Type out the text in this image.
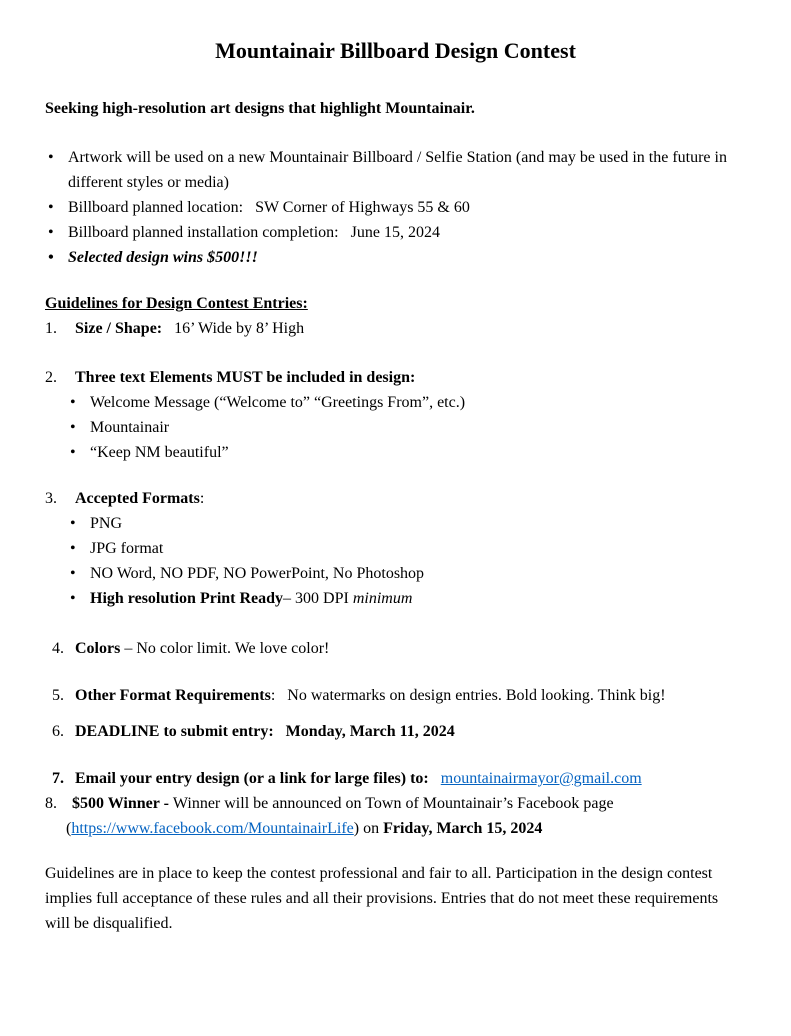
Mountainair Billboard Design Contest

Seeking high-resolution art designs that highlight Mountainair.

• Artwork will be used on a new Mountainair Billboard / Selfie Station (and may be used in the future in different styles or media)
• Billboard planned location:   SW Corner of Highways 55 & 60
• Billboard planned installation completion:   June 15, 2024
• Selected design wins $500!!!
Guidelines for Design Contest Entries:

1. Size / Shape:   16’ Wide by 8’ High

2. Three text Elements MUST be included in design:

• Welcome Message (“Welcome to” “Greetings From”, etc.)
• Mountainair
• “Keep NM beautiful”

3. Accepted Formats:

• PNG
• JPG format
• NO Word, NO PDF, NO PowerPoint, No Photoshop
• High resolution Print Ready– 300 DPI minimum

4. Colors – No color limit. We love color!

5. Other Format Requirements:   No watermarks on design entries. Bold looking. Think big!

6. DEADLINE to submit entry:   Monday, March 11, 2024

7. Email your entry design (or a link for large files) to: mountainairmayor@gmail.com

8. $500 Winner - Winner will be announced on Town of Mountainair’s Facebook page
(https://www.facebook.com/MountainairLife) on Friday, March 15, 2024

Guidelines are in place to keep the contest professional and fair to all. Participation in the design contest implies full acceptance of these rules and all their provisions. Entries that do not meet these requirements will be disqualified.
